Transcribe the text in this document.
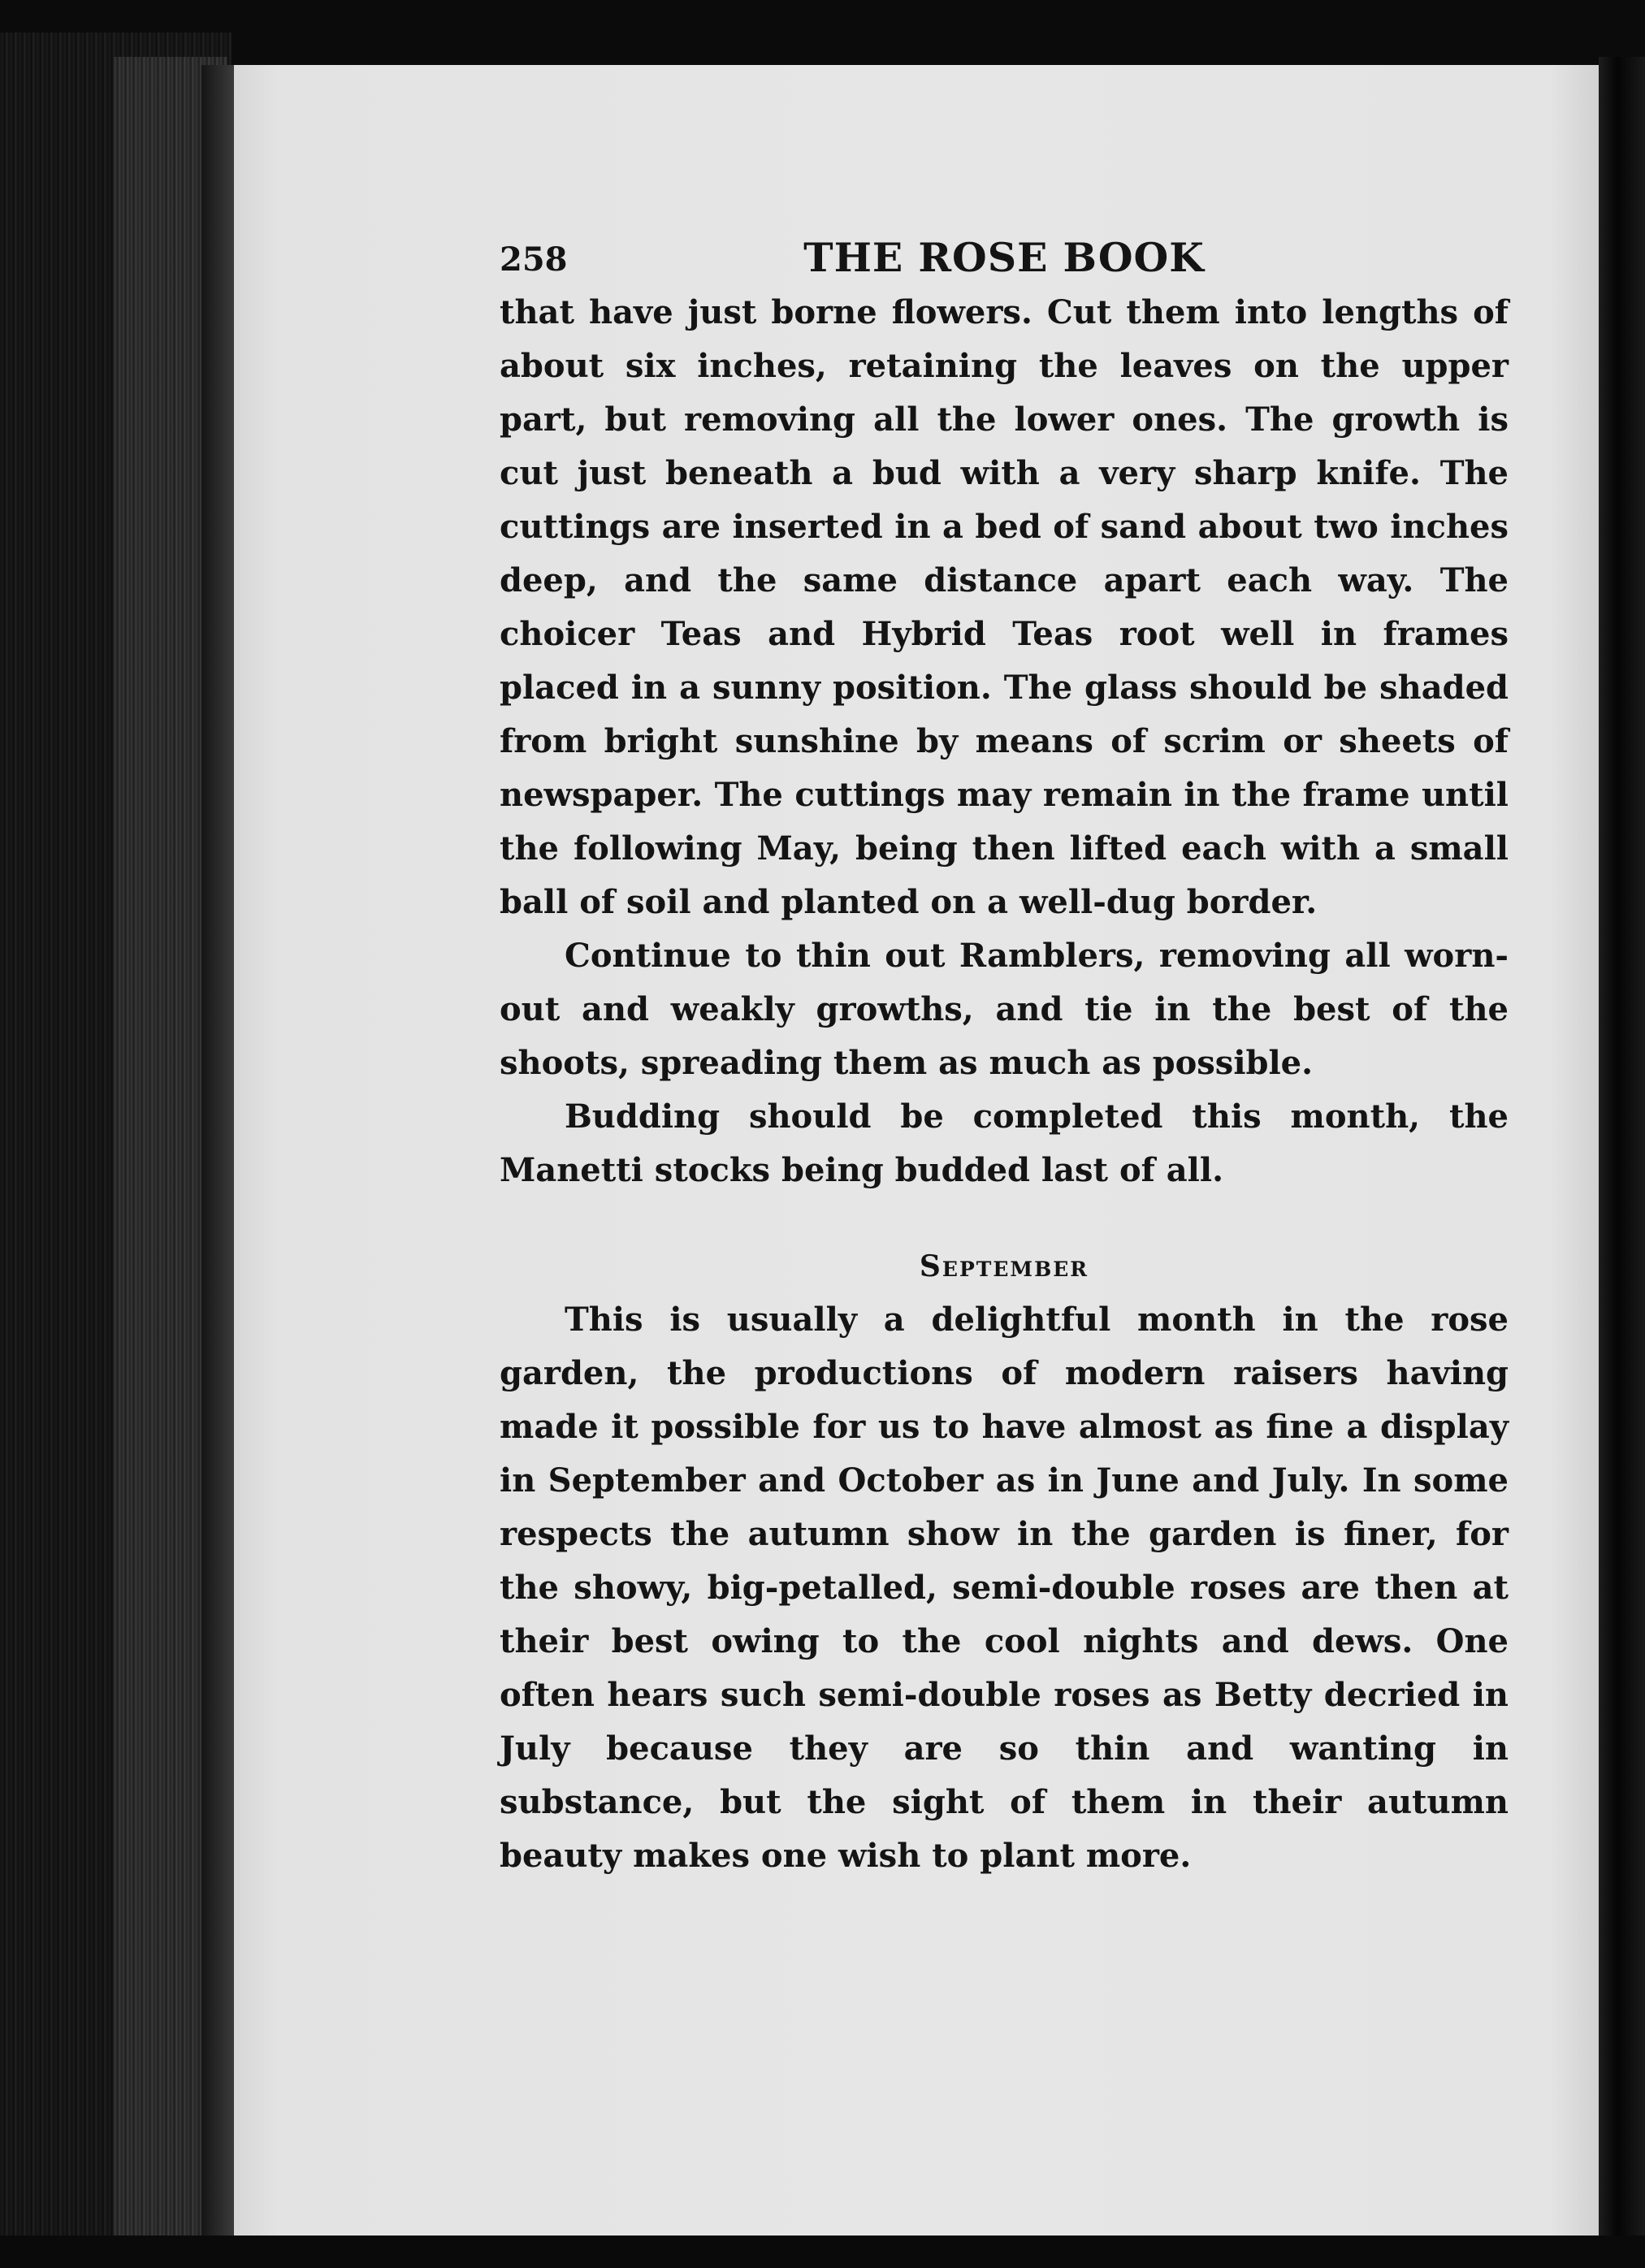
258	THE ROSE BOOK

that have just borne flowers. Cut them into lengths of about six inches, retaining the leaves on the upper part, but removing all the lower ones. The growth is cut just beneath a bud with a very sharp knife. The cuttings are inserted in a bed of sand about two inches deep, and the same distance apart each way. The choicer Teas and Hybrid Teas root well in frames placed in a sunny position. The glass should be shaded from bright sunshine by means of scrim or sheets of newspaper. The cuttings may remain in the frame until the following May, being then lifted each with a small ball of soil and planted on a well-dug border.

Continue to thin out Ramblers, removing all worn-out and weakly growths, and tie in the best of the shoots, spreading them as much as possible.

Budding should be completed this month, the Manetti stocks being budded last of all.

September

This is usually a delightful month in the rose garden, the productions of modern raisers having made it possible for us to have almost as fine a display in September and October as in June and July. In some respects the autumn show in the garden is finer, for the showy, big-petalled, semi-double roses are then at their best owing to the cool nights and dews. One often hears such semi-double roses as Betty decried in July because they are so thin and wanting in substance, but the sight of them in their autumn beauty makes one wish to plant more.
